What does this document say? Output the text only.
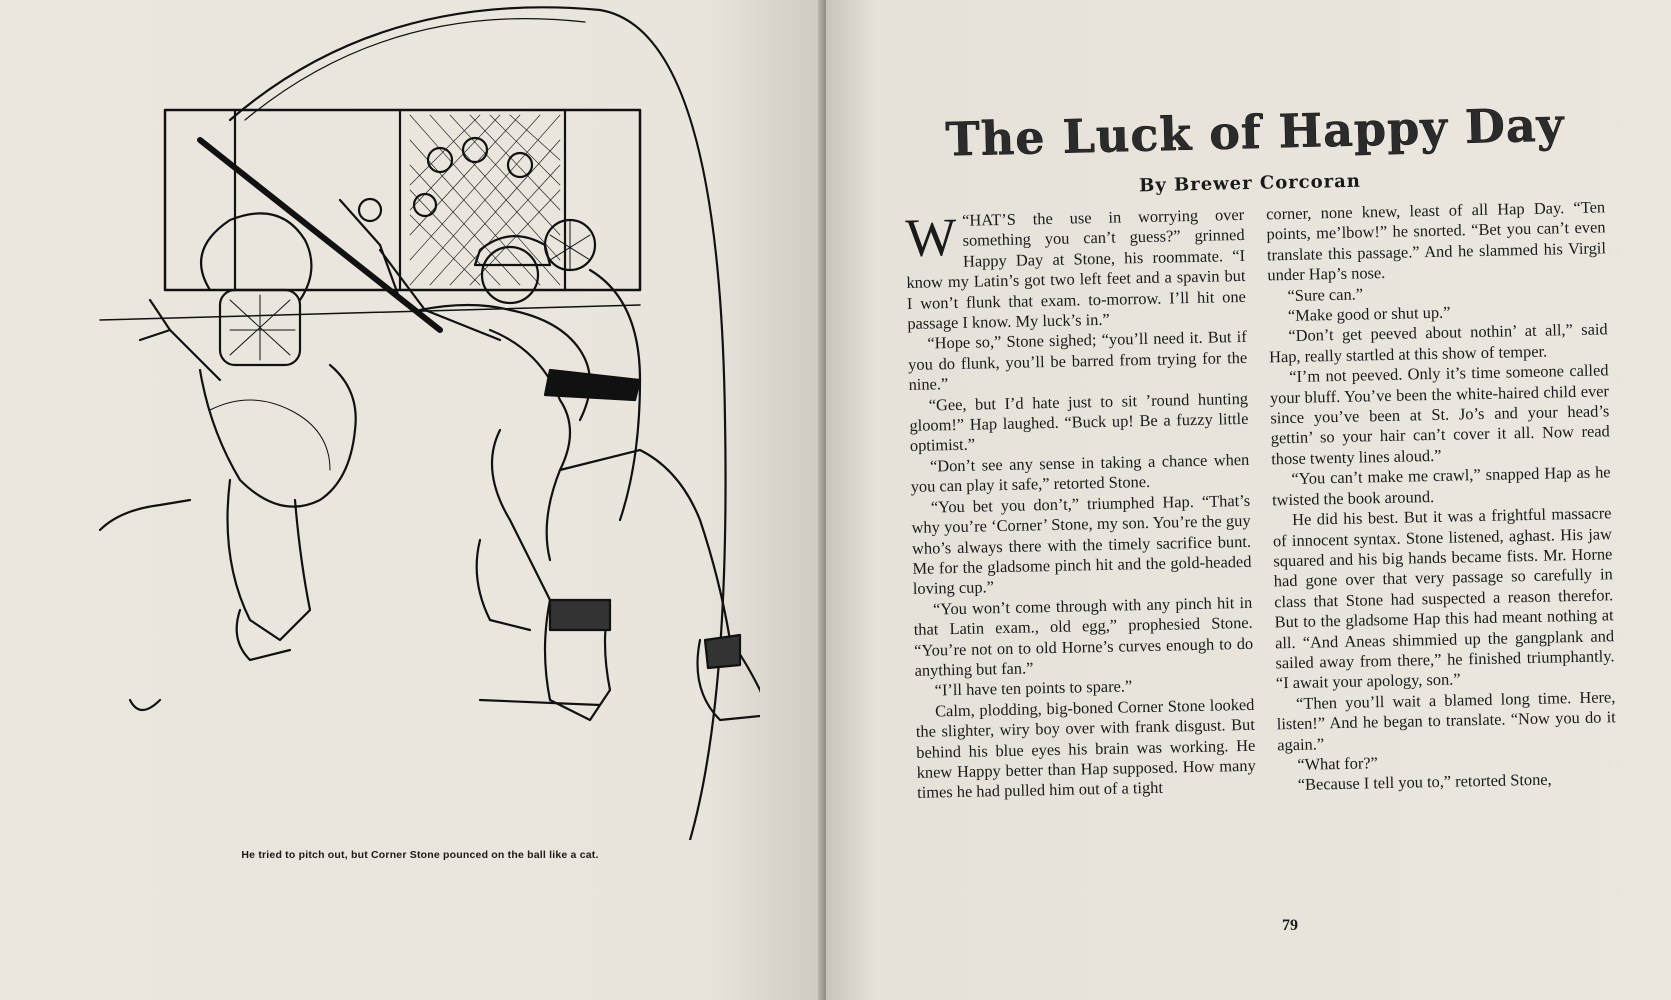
He tried to pitch out, but Corner Stone pounced on the ball like a cat.
The Luck of Happy Day
By Brewer Corcoran

W “HAT’S the use in worrying over something you can’t guess?” grinned Happy Day at Stone, his roommate. “I know my Latin’s got two left feet and a spavin but I won’t flunk that exam. to-morrow. I’ll hit one passage I know. My luck’s in.”

“Hope so,” Stone sighed; “you’ll need it. But if you do flunk, you’ll be barred from trying for the nine.”

“Gee, but I’d hate just to sit ’round hunting gloom!” Hap laughed. “Buck up! Be a fuzzy little optimist.”

“Don’t see any sense in taking a chance when you can play it safe,” retorted Stone.

“You bet you don’t,” triumphed Hap. “That’s why you’re ‘Corner’ Stone, my son. You’re the guy who’s always there with the timely sacrifice bunt. Me for the gladsome pinch hit and the gold-headed loving cup.”

“You won’t come through with any pinch hit in that Latin exam., old egg,” prophesied Stone. “You’re not on to old Horne’s curves enough to do anything but fan.”

“I’ll have ten points to spare.”

Calm, plodding, big-boned Corner Stone looked the slighter, wiry boy over with frank disgust. But behind his blue eyes his brain was working. He knew Happy better than Hap supposed. How many times he had pulled him out of a tight

corner, none knew, least of all Hap Day. “Ten points, me’lbow!” he snorted. “Bet you can’t even translate this passage.” And he slammed his Virgil under Hap’s nose.

“Sure can.”

“Make good or shut up.”

“Don’t get peeved about nothin’ at all,” said Hap, really startled at this show of temper.

“I’m not peeved. Only it’s time someone called your bluff. You’ve been the white-haired child ever since you’ve been at St. Jo’s and your head’s gettin’ so your hair can’t cover it all. Now read those twenty lines aloud.”

“You can’t make me crawl,” snapped Hap as he twisted the book around.

He did his best. But it was a frightful massacre of innocent syntax. Stone listened, aghast. His jaw squared and his big hands became fists. Mr. Horne had gone over that very passage so carefully in class that Stone had suspected a reason therefor. But to the gladsome Hap this had meant nothing at all. “And Aneas shimmied up the gangplank and sailed away from there,” he finished triumphantly. “I await your apology, son.”

“Then you’ll wait a blamed long time. Here, listen!” And he began to translate. “Now you do it again.”

“What for?”

“Because I tell you to,” retorted Stone,

79
